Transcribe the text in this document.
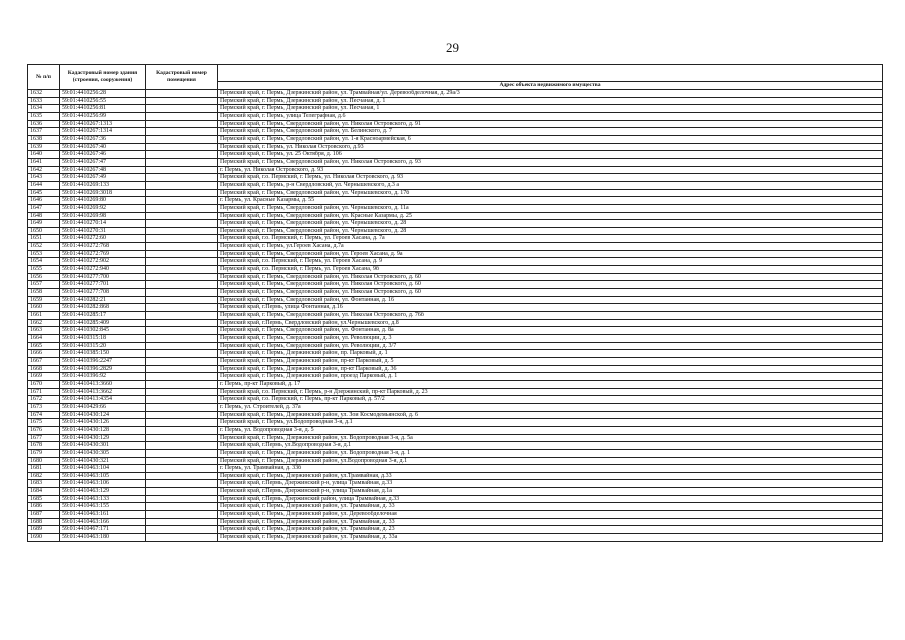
29
№ п/п	Кадастровый номер здания (строения, сооружения)	Кадастровый номер помещения	
			Адрес объекта недвижимого имущества
1632	59:01:4410256:28		Пермский край, г. Пермь, Дзержинский район, ул. Трамвайная/ул. Деревообделочная, д. 29а/3
1633	59:01:4410256:55		Пермский край, г. Пермь, Дзержинский район, ул. Песчаная, д. 1
1634	59:01:4410256:81		Пермский край, г. Пермь, Дзержинский район, ул. Песчаная, 1
1635	59:01:4410256:99		Пермский край, г. Пермь, улица Телеграфная, д.6
1636	59:01:4410267:1313		Пермский край, г. Пермь, Свердловский район, ул. Николая Островского, д. 91
1637	59:01:4410267:1314		Пермский край, г. Пермь, Свердловский район, ул. Белинского, д. 7
1638	59:01:4410267:36		Пермский край, г. Пермь, Свердловский район, ул. 1-я Красноармейская, 6
1639	59:01:4410267:40		Пермский край, г. Пермь, ул. Николая Островского, д.93
1640	59:01:4410267:46		Пермский край, г. Пермь, ул. 25 Октября, д. 106
1641	59:01:4410267:47		Пермский край, г. Пермь, Свердловский район, ул. Николая Островского, д. 93
1642	59:01:4410267:48		г. Пермь, ул. Николая Островского, д. 93
1643	59:01:4410267:49		Пермский край, г.о. Пермский, г. Пермь, ул. Николая Островского, д. 93
1644	59:01:4410269:133		Пермский край, г. Пермь, р-н Свердловский, ул. Чернышевского, д.3 а
1645	59:01:4410269:3018		Пермский край, г. Пермь, Свердловский район, ул. Чернышевского, д. 17б
1646	59:01:4410269:80		г. Пермь, ул. Красные Казармы, д. 55
1647	59:01:4410269:92		Пермский край, г. Пермь, Свердловский район, ул. Чернышевского, д. 11а
1648	59:01:4410269:98		Пермский край, г. Пермь, Свердловский район, ул. Красные Казармы, д. 25
1649	59:01:4410270:14		Пермский край, г. Пермь, Свердловский район, ул. Чернышевского, д. 28
1650	59:01:4410270:31		Пермский край, г. Пермь, Свердловский район, ул. Чернышевского, д. 28
1651	59:01:4410272:60		Пермский край, г.о. Пермский, г. Пермь, ул. Героев Хасана, д. 7а
1652	59:01:4410272:768		Пермский край, г. Пермь, ул.Героев Хасана, д.7а
1653	59:01:4410272:769		Пермский край, г. Пермь, Свердловский район, ул. Героев Хасана, д. 9а
1654	59:01:4410272:902		Пермский край, г.о. Пермский, г. Пермь, ул. Героев Хасана, д. 9
1655	59:01:4410272:940		Пермский край, г.о. Пермский, г. Пермь, ул. Героев Хасана, 9б
1656	59:01:4410277:700		Пермский край, г. Пермь, Свердловский район, ул. Николая Островского, д. 60
1657	59:01:4410277:701		Пермский край, г. Пермь, Свердловский район, ул. Николая Островского, д. 60
1658	59:01:4410277:708		Пермский край, г. Пермь, Свердловский район, ул. Николая Островского, д. 60
1659	59:01:4410282:21		Пермский край, г. Пермь, Свердловский район, ул. Фонтанная, д. 16
1660	59:01:4410282:868		Пермский край, г.Пермь, улица Фонтанная, д.16
1661	59:01:4410285:17		Пермский край, г. Пермь, Свердловский район, ул. Николая Островского, д. 76б
1662	59:01:4410285:409		Пермский край, г.Пермь, Свердловский район, ул.Чернышевского, д.8
1663	59:01:4410302:845		Пермский край, г. Пермь, Свердловский район, ул. Фонтанная, д. 8а
1664	59:01:4410315:18		Пермский край, г. Пермь, Свердловский район, ул. Революции, д. 3
1665	59:01:4410315:20		Пермский край, г. Пермь, Свердловский район, ул. Революции, д. 3/7
1666	59:01:4410385:150		Пермский край, г. Пермь, Дзержинский район, пр. Парковый, д. 1
1667	59:01:4410396:2247		Пермский край, г. Пермь, Дзержинский район, пр-кт Парковый, д. 5
1668	59:01:4410396:2829		Пермский край, г. Пермь, Дзержинский район, пр-кт Парковый, д. 36
1669	59:01:4410396:92		Пермский край, г. Пермь, Дзержинский район, проезд Парковый, д. 1
1670	59:01:4410413:3660		г. Пермь, пр-кт Парковый, д. 17
1671	59:01:4410413:3662		Пермский край, г.о. Пермский, г. Пермь, р-н Дзержинский, пр-кт Парковый, д. 23
1672	59:01:4410413:4354		Пермский край, г.о. Пермский, г. Пермь, пр-кт Парковый, д. 57/2
1673	59:01:4410429:66		г. Пермь, ул. Строителей, д. 37а
1674	59:01:4410430:124		Пермский край, г. Пермь, Дзержинский район, ул. Зои Космодемьянской, д. 6
1675	59:01:4410430:126		Пермский край, г. Пермь, ул.Водопроводная 3-я, д.1
1676	59:01:4410430:128		г. Пермь, ул. Водопроводная 3-я, д. 5
1677	59:01:4410430:129		Пермский край, г. Пермь, Дзержинский район, ул. Водопроводная 3-я, д. 5а
1678	59:01:4410430:301		Пермский край, г.Пермь, ул.Водопроводная 3-я, д.1
1679	59:01:4410430:305		Пермский край, г. Пермь, Дзержинский район, ул. Водопроводная 3-я, д. 1
1680	59:01:4410430:321		Пермский край, г. Пермь, Дзержинский район, ул.Водопроводная 3-я, д.1
1681	59:01:4410463:104		г. Пермь, ул. Трамвайная, д. 33б
1682	59:01:4410463:105		Пермский край, г. Пермь, Дзержинский район, ул.Трамвайная, д.33
1683	59:01:4410463:106		Пермский край, г.Пермь, Дзержинский р-н, улица Трамвайная, д.33
1684	59:01:4410463:129		Пермский край, г.Пермь, Дзержинский р-н, улица Трамвайная, д.1а
1685	59:01:4410463:133		Пермский край, г.Пермь, Дзержинский район, улица Трамвайная, д.33
1686	59:01:4410463:155		Пермский край, г. Пермь, Дзержинский район, ул. Трамвайная, д. 33
1687	59:01:4410463:161		Пермский край, г. Пермь, Дзержинский район, ул. Деревообделочная
1688	59:01:4410463:166		Пермский край, г. Пермь, Дзержинский район, ул. Трамвайная, д. 33
1689	59:01:4410467:171		Пермский край, г. Пермь, Дзержинский район, ул. Трамвайная, д. 23
1690	59:01:4410463:180		Пермский край, г. Пермь, Дзержинский район, ул. Трамвайная, д. 33а
